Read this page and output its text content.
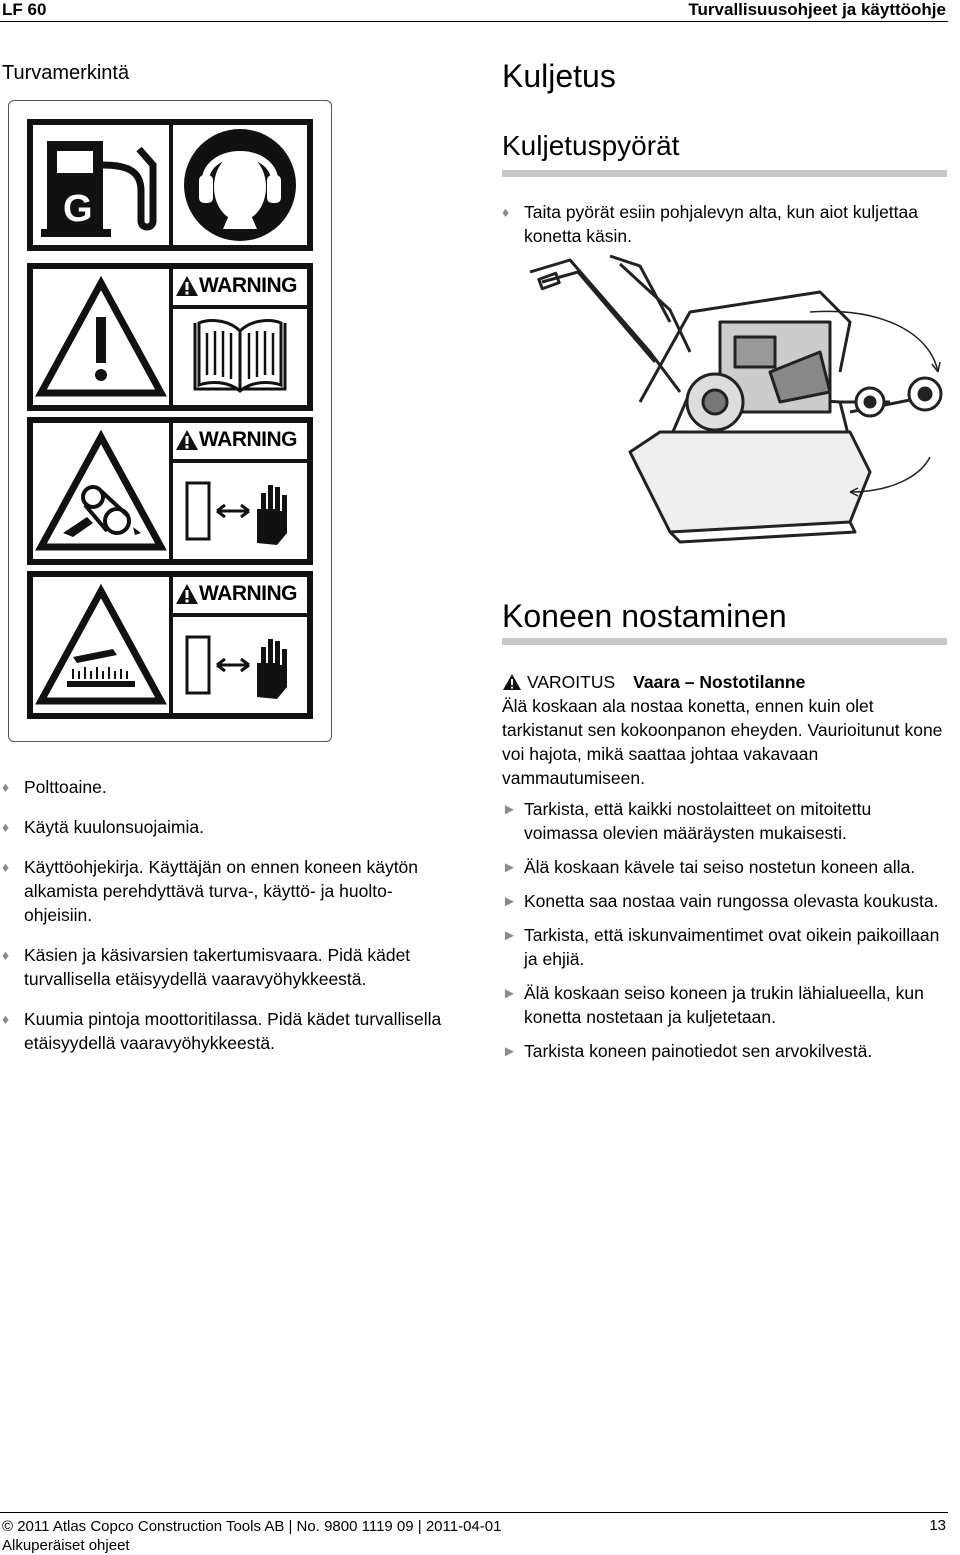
LF 60	Turvallisuusohjeet ja käyttöohje
Turvamerkintä
G
WARNING
WARNING
WARNING
♦ Polttoaine.
♦ Käytä kuulonsuojaimia.
♦ Käyttöohjekirja. Käyttäjän on ennen koneen käytön alkamista perehdyttävä turva-, käyttö- ja huolto-ohjeisiin.
♦ Käsien ja käsivarsien takertumisvaara. Pidä kädet turvallisella etäisyydellä vaaravyöhykkeestä.
♦ Kuumia pintoja moottoritilassa. Pidä kädet turvallisella etäisyydellä vaaravyöhykkeestä.
Kuljetus
Kuljetuspyörät
♦ Taita pyörät esiin pohjalevyn alta, kun aiot kuljettaa konetta käsin.
Koneen nostaminen
VAROITUS Vaara – Nostotilanne
Älä koskaan ala nostaa konetta, ennen kuin olet tarkistanut sen kokoonpanon eheyden. Vaurioitunut kone voi hajota, mikä saattaa johtaa vakavaan vammautumiseen.
► Tarkista, että kaikki nostolaitteet on mitoitettu voimassa olevien määräysten mukaisesti.
► Älä koskaan kävele tai seiso nostetun koneen alla.
► Konetta saa nostaa vain rungossa olevasta koukusta.
► Tarkista, että iskunvaimentimet ovat oikein paikoillaan ja ehjiä.
► Älä koskaan seiso koneen ja trukin lähialueella, kun konetta nostetaan ja kuljetetaan.
► Tarkista koneen painotiedot sen arvokilvestä.
© 2011 Atlas Copco Construction Tools AB | No. 9800 1119 09 | 2011-04-01
Alkuperäiset ohjeet
13
